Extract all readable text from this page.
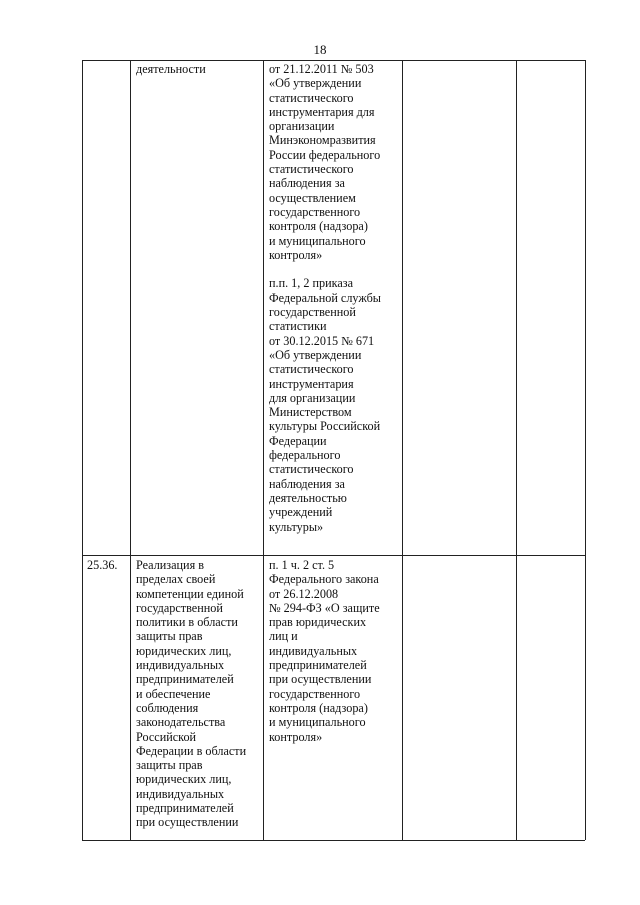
18
деятельности	от 21.12.2011 № 503
«Об утверждении
статистического
инструментария для
организации
Минэкономразвития
России федерального
статистического
наблюдения за
осуществлением
государственного
контроля (надзора)
и муниципального
контроля»

п.п. 1, 2 приказа
Федеральной службы
государственной
статистики
от 30.12.2015 № 671
«Об утверждении
статистического
инструментария
для организации
Министерством
культуры Российской
Федерации
федерального
статистического
наблюдения за
деятельностью
учреждений
культуры»
25.36. Реализация в
пределах своей
компетенции единой
государственной
политики в области
защиты прав
юридических лиц,
индивидуальных
предпринимателей
и обеспечение
соблюдения
законодательства
Российской
Федерации в области
защиты прав
юридических лиц,
индивидуальных
предпринимателей
при осуществлении
п. 1 ч. 2 ст. 5
Федерального закона
от 26.12.2008
№ 294-ФЗ «О защите
прав юридических
лиц и
индивидуальных
предпринимателей
при осуществлении
государственного
контроля (надзора)
и муниципального
контроля»
